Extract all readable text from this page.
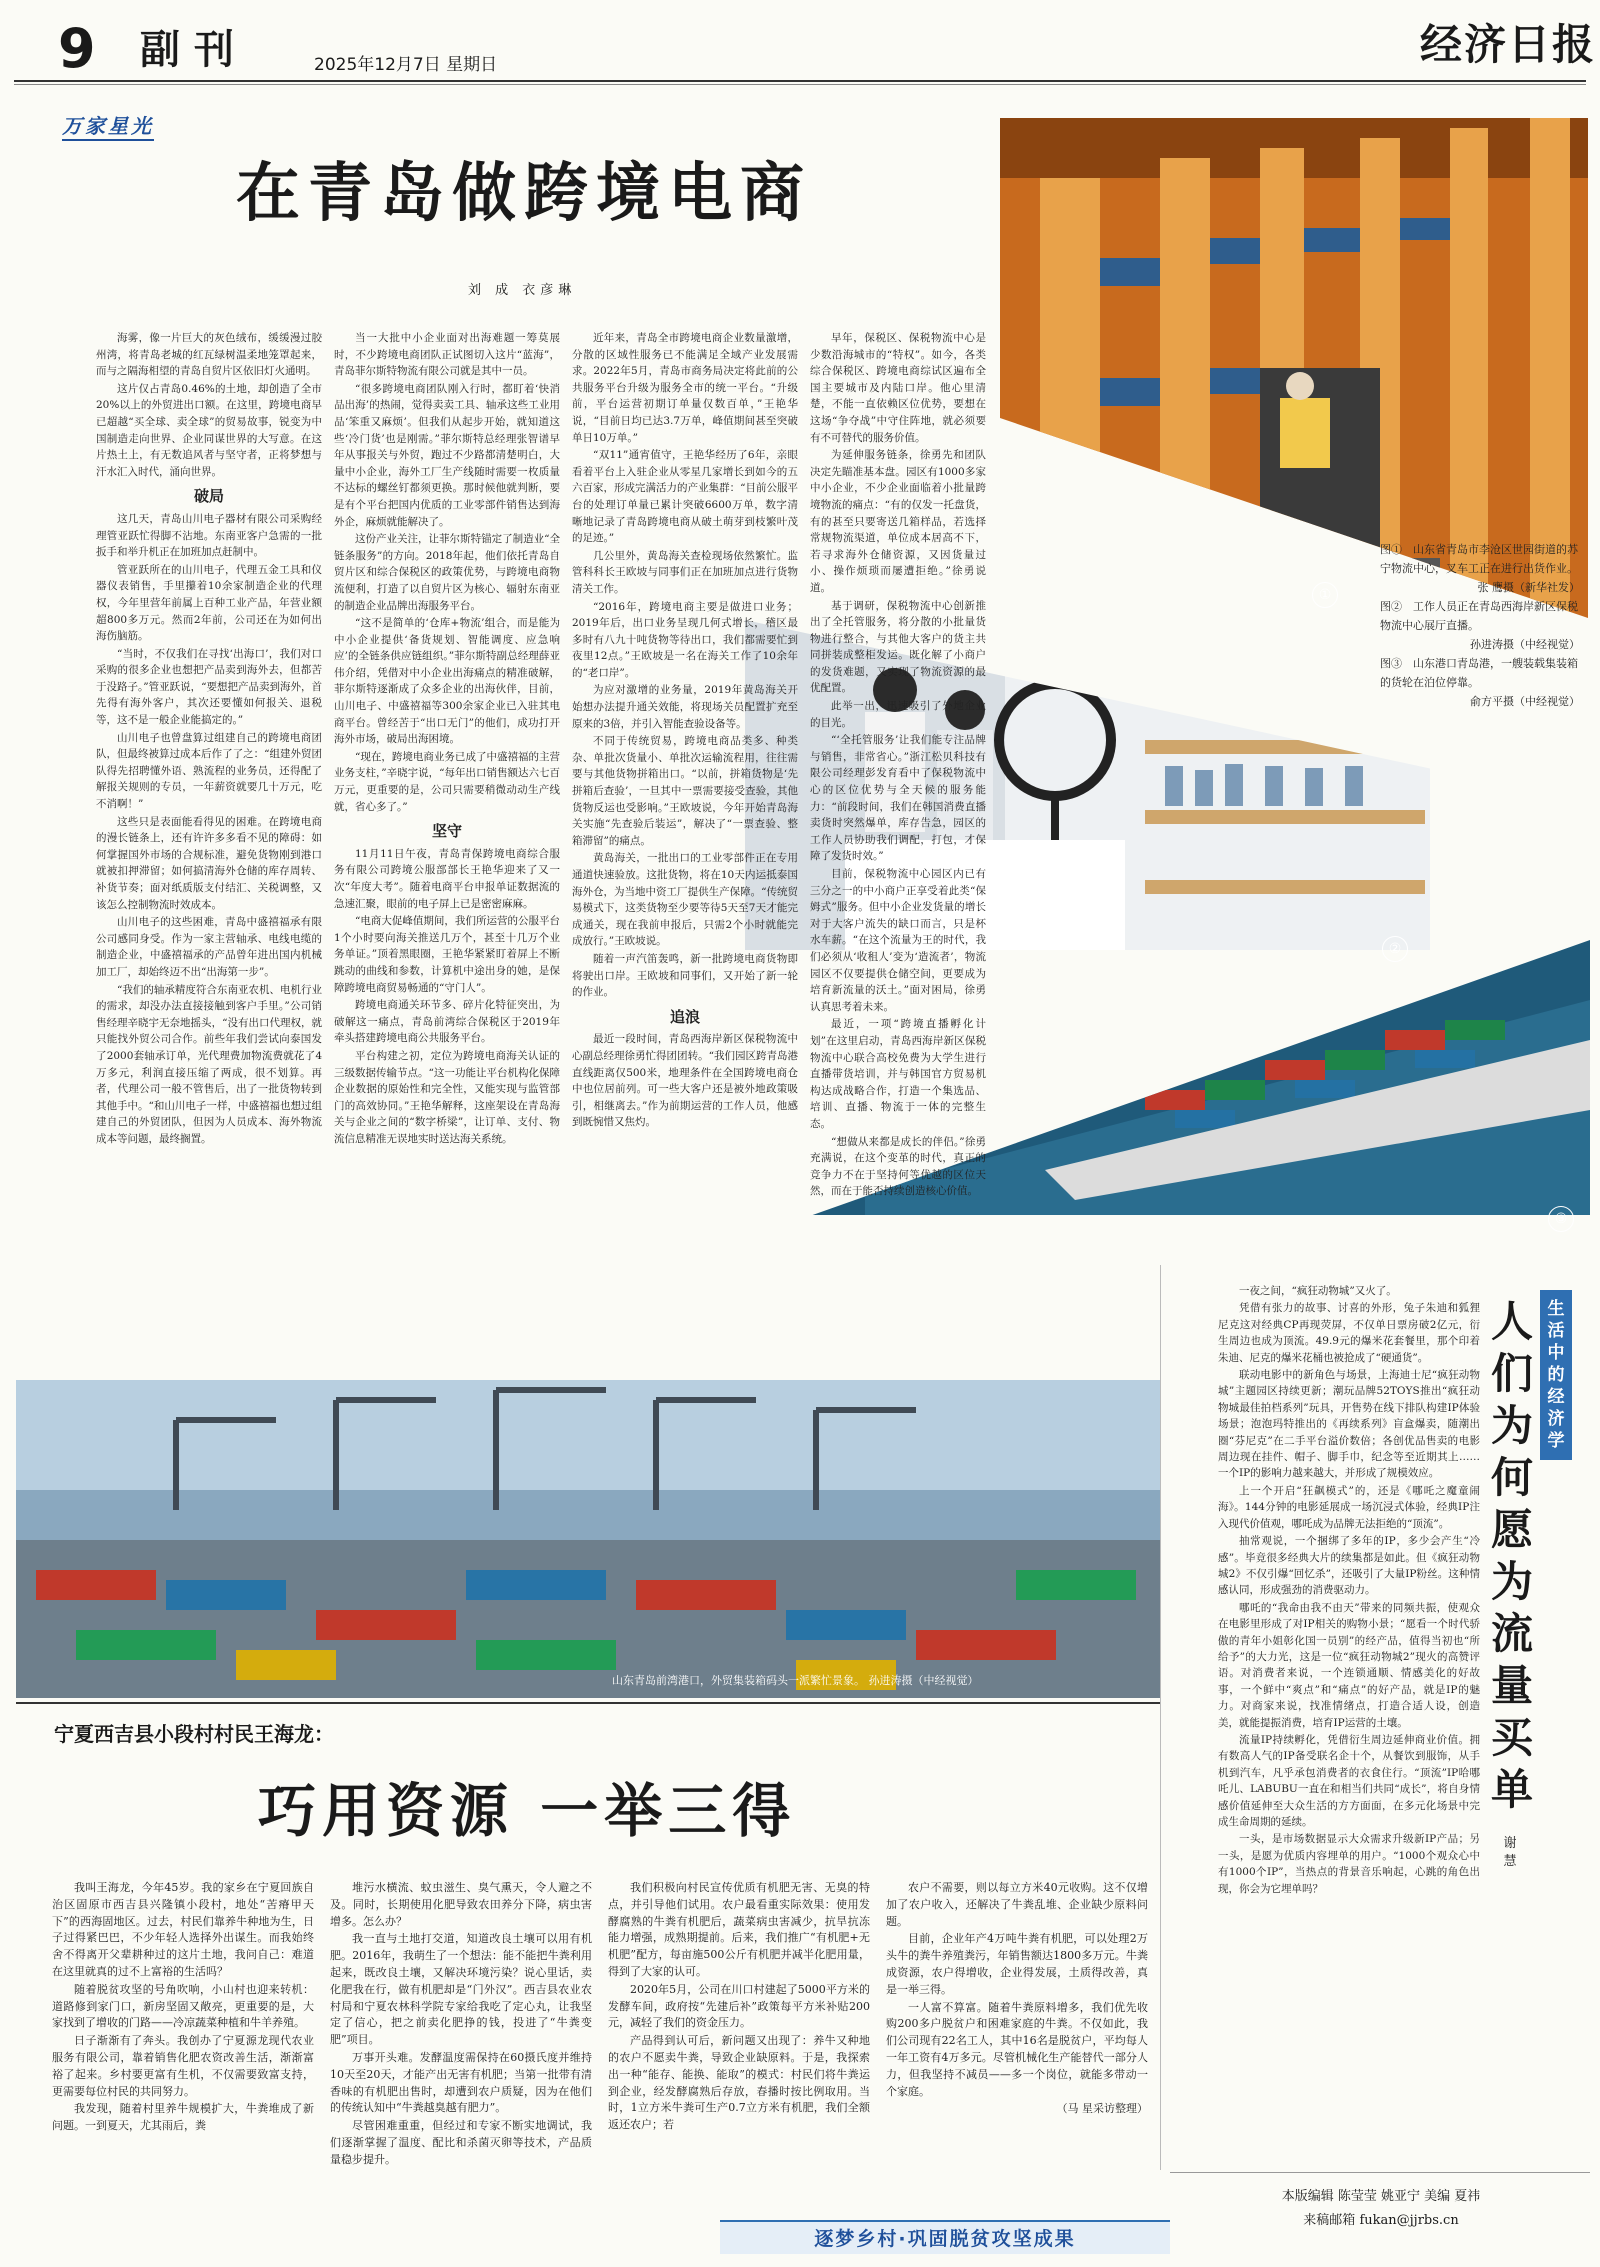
9 副刊	2025年12月7日 星期日	经济日报
万家星光
在青岛做跨境电商
刘 成 衣彦琳
①
②
③

海雾，像一片巨大的灰色绒布，缓缓漫过胶州湾，将青岛老城的红瓦绿树温柔地笼罩起来，而与之隔海相望的青岛自贸片区依旧灯火通明。

这片仅占青岛0.46%的土地，却创造了全市20%以上的外贸进出口额。在这里，跨境电商早已超越“买全球、卖全球”的贸易故事，锐变为中国制造走向世界、企业同谋世界的大写意。在这片热土上，有无数追风者与坚守者，正将梦想与汗水汇入时代，涌向世界。

破局

这几天，青岛山川电子器材有限公司采购经理管亚跃忙得脚不沾地。东南亚客户急需的一批扳手和举升机正在加班加点赶制中。

管亚跃所在的山川电子，代理五金工具和仪器仪表销售，手里攥着10余家制造企业的代理权，今年里营年前属上百种工业产品，年营业额超800多万元。然而2年前，公司还在为如何出海伤脑筋。

“当时，不仅我们在寻找‘出海口’，我们对口采购的很多企业也想把产品卖到海外去，但都苦于没路子。”管亚跃说，“要想把产品卖到海外，首先得有海外客户，其次还要懂如何报关、退税等，这不是一般企业能搞定的。”

山川电子也曾盘算过组建自己的跨境电商团队，但最终被算过成本后作了了之：“组建外贸团队得先招聘懂外语、熟流程的业务员，还得配了解报关规则的专员，一年薪资就要几十万元，吃不消啊！”

这些只是表面能看得见的困难。在跨境电商的漫长链条上，还有许许多多看不见的障碍：如何掌握国外市场的合规标准，避免货物刚到港口就被扣押滞留；如何搞清海外仓储的库存周转、补货节奏；面对纸质版支付结汇、关税调整，又该怎么控制物流时效成本。

山川电子的这些困难，青岛中盛禧福承有限公司感同身受。作为一家主营轴承、电线电缆的制造企业，中盛禧福承的产品曾年进出国内机械加工厂，却始终迈不出“出海第一步”。

“我们的轴承精度符合东南亚农机、电机行业的需求，却没办法直接接触到客户手里。”公司销售经理辛晓宇无奈地摇头，“没有出口代理权，就只能找外贸公司合作。前些年我们尝试向泰国发了2000套轴承订单，光代理费加物流费就花了4万多元，利润直接压缩了两成，很不划算。再者，代理公司一般不管售后，出了一批货物转到其他手中。“和山川电子一样，中盛禧福也想过组建自己的外贸团队，但因为人员成本、海外物流成本等问题，最终搁置。

当一大批中小企业面对出海难题一筹莫展时，不少跨境电商团队正试图切入这片“蓝海”，青岛菲尔斯特物流有限公司就是其中一员。

“很多跨境电商团队刚入行时，都盯着‘快消品出海’的热闹，觉得卖卖工具、轴承这些工业用品‘笨重又麻烦’。但我们从起步开始，就知道这些‘冷门货’也是刚需。”菲尔斯特总经理张智谱早年从事报关与外贸，跑过不少路都清楚明白，大量中小企业，海外工厂生产线随时需要一枚质量不达标的螺丝钉都须更换。那时候他就判断，要是有个平台把国内优质的工业零部件销售达到海外企，麻烦就能解决了。

这份产业关注，让菲尔斯特锚定了制造业“全链条服务”的方向。2018年起，他们依托青岛自贸片区和综合保税区的政策优势，与跨境电商物流便利，打造了以自贸片区为核心、辐射东南亚的制造企业品牌出海服务平台。

“这不是简单的‘仓库+物流’组合，而是能为中小企业提供‘备货规划、智能调度、应急响应’的全链条供应链组织。”菲尔斯特副总经理薛亚伟介绍，凭借对中小企业出海痛点的精准破解，菲尔斯特逐渐成了众多企业的出海伙伴，目前，山川电子、中盛禧福等300余家企业已入驻其电商平台。曾经苦于“出口无门”的他们，成功打开海外市场，破局出海困境。

“现在，跨境电商业务已成了中盛禧福的主营业务支柱，”辛晓宇说，“每年出口销售额达六七百万元，更重要的是，公司只需要稍微动动生产线就，省心多了。”

坚守

11月11日午夜，青岛青保跨境电商综合服务有限公司跨境公服部部长王艳华迎来了又一次“年度大考”。随着电商平台申报单证数据流的急速汇聚，眼前的电子屏上已是密密麻麻。

“电商大促峰值期间，我们所运营的公服平台1个小时要向海关推送几万个，甚至十几万个业务单证。”顶着黑眼圈，王艳华紧紧盯着屏上不断跳动的曲线和参数，计算机中途出身的她，是保障跨境电商贸易畅通的“守门人”。

跨境电商通关环节多、碎片化特征突出，为破解这一痛点，青岛前湾综合保税区于2019年牵头搭建跨境电商公共服务平台。

平台构建之初，定位为跨境电商海关认证的三级数据传输节点。“这一功能让平台机构化保障企业数据的原始性和完全性，又能实现与监管部门的高效协同。”王艳华解释，这座架设在青岛海关与企业之间的“数字桥梁”，让订单、支付、物流信息精准无误地实时送达海关系统。

近年来，青岛全市跨境电商企业数量激增，分散的区域性服务已不能满足全域产业发展需求。2022年5月，青岛市商务局决定将此前的公共服务平台升级为服务全市的统一平台。“升级前，平台运营初期订单量仅数百单，”王艳华说，“目前日均已达3.7万单，峰值期间甚至突破单日10万单。”

“双11”通宵值守，王艳华经历了6年，亲眼看着平台上入驻企业从零星几家增长到如今的五六百家，形成完满活力的产业集群：“目前公服平台的处理订单量已累计突破6600万单，数字清晰地记录了青岛跨境电商从破土萌芽到枝繁叶茂的足迹。”

几公里外，黄岛海关查检现场依然繁忙。监管科科长王欧坡与同事们正在加班加点进行货物清关工作。

“2016年，跨境电商主要是做进口业务；2019年后，出口业务呈现几何式增长，稽区最多时有八九十吨货物等待出口，我们都需要忙到夜里12点。”王欧坡是一名在海关工作了10余年的“老口岸”。

为应对激增的业务量，2019年黄岛海关开始想办法提升通关效能，将现场关员配置扩充至原来的3倍，并引入智能查验设备等。

不同于传统贸易，跨境电商品类多、种类杂、单批次货量小、单批次运输流程用，往往需要与其他货物拼箱出口。“以前，拼箱货物是‘先拼箱后查验’，一旦其中一票需要接受查验，其他货物反运也受影响。”王欧坡说，今年开始青岛海关实施“先查验后装运”，解决了“一票查验、整箱滞留”的痛点。

黄岛海关，一批出口的工业零部件正在专用通道快速验放。这批货物，将在10天内运抵泰国海外仓，为当地中资工厂提供生产保障。“传统贸易模式下，这类货物至少要等待5天至7天才能完成通关，现在我前申报后，只需2个小时就能完成放行。”王欧坡说。

随着一声汽笛轰鸣，新一批跨境电商货物即将驶出口岸。王欧坡和同事们，又开始了新一轮的作业。

追浪

最近一段时间，青岛西海岸新区保税物流中心副总经理徐勇忙得团团转。“我们园区跨青岛港直线距离仅500米，地理条件在全国跨境电商仓中也位居前列。可一些大客户还是被外地政策吸引，相继离去。”作为前期运营的工作人员，他感到既惋惜又焦灼。

早年，保税区、保税物流中心是少数沿海城市的“特权”。如今，各类综合保税区、跨境电商综试区遍布全国主要城市及内陆口岸。他心里清楚，不能一直依赖区位优势，要想在这场“争夺战”中守住阵地，就必须要有不可替代的服务价值。

为延伸服务链条，徐勇先和团队决定先瞄准基本盘。园区有1000多家中小企业，不少企业面临着小批量跨境物流的痛点：“有的仅发一托盘货，有的甚至只要寄送几箱样品，若选择常规物流渠道，单位成本居高不下，若寻求海外仓储资源，又因货量过小、操作烦琐而屡遭拒绝。”徐勇说道。

基于调研，保税物流中心创新推出了全托管服务，将分散的小批量货物进行整合，与其他大客户的货主共同拼装成整柜发运。既化解了小商户的发货难题，又实现了物流资源的最优配置。

此举一出，迅速吸引了外地企业的目光。

“‘全托管服务’让我们能专注品牌与销售，非常省心。”浙江松贝科技有限公司经理彭发育看中了保税物流中心的区位优势与全天候的服务能力：“前段时间，我们在韩国消费直播卖货时突然爆单，库存告急，园区的工作人员协助我们调配，打包，才保障了发货时效。”

目前，保税物流中心园区内已有三分之一的中小商户正享受着此类“保姆式”服务。但中小企业发货量的增长对于大客户流失的缺口而言，只是杯水车薪。“在这个流量为王的时代，我们必须从‘收租人’变为‘造流者’，物流园区不仅要提供仓储空间，更要成为培育新流量的沃土。”面对困局，徐勇认真思考着未来。

最近，一项“跨境直播孵化计划”在这里启动，青岛西海岸新区保税物流中心联合高校免费为大学生进行直播带货培训，并与韩国官方贸易机构达成战略合作，打造一个集选品、培训、直播、物流于一体的完整生态。

“想做从来都是成长的伴侣。”徐勇充满说，在这个变革的时代，真正的竞争力不在于坚持何等优越的区位天然，而在于能否持续创造核心价值。

图①　山东省青岛市李沧区世园街道的苏宁物流中心，叉车工正在进行出货作业。
张 鹰摄（新华社发）
图②　工作人员正在青岛西海岸新区保税物流中心展厅直播。
孙进涛摄（中经视觉）
图③　山东港口青岛港，一艘装载集装箱的货轮在泊位停靠。
俞方平摄（中经视觉）
山东青岛前湾港口，外贸集装箱码头一派繁忙景象。 孙进涛摄（中经视觉）
生活中的经济学
人们为何愿为流量买单
谢 慧

一夜之间，“疯狂动物城”又火了。

凭借有张力的故事、讨喜的外形，兔子朱迪和狐狸尼克这对经典CP再现荧屏，不仅单日票房破2亿元，衍生周边也成为顶流。49.9元的爆米花套餐里，那个印着朱迪、尼克的爆米花桶也被抢成了“硬通货”。

联动电影中的新角色与场景，上海迪士尼“疯狂动物城”主题园区持续更新；潮玩品牌52TOYS推出“疯狂动物城最佳拍档系列”玩具，开售势在线下排队构建IP体验场景；泡泡玛特推出的《再续系列》盲盒爆卖，随潮出圈“芬尼克”在二手平台溢价数倍；各创优品售卖的电影周边现在挂件、帽子、脚手巾，纪念等至近期其上……一个IP的影响力越来越大，并形成了规模效应。

上一个开启“狂飙模式”的，还是《哪吒之魔童闹海》。144分钟的电影延展成一场沉浸式体验，经典IP注入现代价值观，哪吒成为品牌无法拒绝的“顶流”。

抽常观说，一个捆绑了多年的IP，多少会产生“冷感”。毕竟很多经典大片的续集都是如此。但《疯狂动物城2》不仅引爆“回忆杀”，还吸引了大量IP粉丝。这种情感认同，形成强劲的消费驱动力。

哪吒的“我命由我不由天”带来的同频共振，使观众在电影里形成了对IP相关的购物小景；“愿看一个时代骄傲的青年小姐彰化国一员别”的经产品，值得当初也“所给予”的大力光，这是一位“疯狂动物城2”现火的高赞评语。对消费者来说，一个连锁通顺、情感美化的好故事，一个鲜中“爽点”和“痛点”的好产品，就是IP的魅力。对商家来说，找准情绪点，打造合适人设，创造美，就能提振消费，培育IP运营的土壤。

流量IP持续孵化，凭借衍生周边延伸商业价值。拥有数高人气的IP备受联名企十个，从餐饮到服饰，从手机到汽车，凡乎承包消费者的衣食住行。“顶流”IP哈哪吒儿、LABUBU一直在和相当们共同“成长”，将自身情感价值延伸至大众生活的方方面面，在多元化场景中完成生命周期的延续。

一头，是市场数据显示大众需求升级新IP产品；另一头，是愿为优质内容埋单的用户。“1000个观众心中有1000个IP”，当热点的背景音乐响起，心跳的角色出现，你会为它埋单吗？

宁夏西吉县小段村村民王海龙：
巧用资源 一举三得

我叫王海龙，今年45岁。我的家乡在宁夏回族自治区固原市西吉县兴隆镇小段村，地处“苦瘠甲天下”的西海固地区。过去，村民们靠养牛种地为生，日子过得紧巴巴，不少年轻人选择外出谋生。而我始终舍不得离开父辈耕种过的这片土地，我问自己：难道在这里就真的过不上富裕的生活吗？

随着脱贫攻坚的号角吹响，小山村也迎来转机：道路修到家门口，新房坚固又敞亮，更重要的是，大家找到了增收的门路——冷凉蔬菜种植和牛羊养殖。

日子渐渐有了奔头。我创办了宁夏源龙现代农业服务有限公司，靠着销售化肥农资改善生活，渐渐富裕了起来。乡村要更富有生机，不仅需要致富支持，更需要每位村民的共同努力。

我发现，随着村里养牛规模扩大，牛粪堆成了新问题。一到夏天，尤其雨后，粪

堆污水横流、蚊虫滋生、臭气熏天，令人避之不及。同时，长期使用化肥导致农田养分下降，病虫害增多。怎么办？

我一直与土地打交道，知道改良土壤可以用有机肥。2016年，我萌生了一个想法：能不能把牛粪利用起来，既改良土壤，又解决环境污染？说心里话，卖化肥我在行，做有机肥却是“门外汉”。西吉县农业农村局和宁夏农林科学院专家给我吃了定心丸，让我坚定了信心，把之前卖化肥挣的钱，投进了“牛粪变肥”项目。

万事开头难。发酵温度需保持在60摄氏度并维持10天至20天，才能产出无害有机肥；当第一批带有清香味的有机肥出售时，却遭到农户质疑，因为在他们的传统认知中“牛粪越臭越有肥力”。

尽管困难重重，但经过和专家不断实地调试，我们逐渐掌握了温度、配比和杀菌灭卵等技术，产品质量稳步提升。

我们积极向村民宣传优质有机肥无害、无臭的特点，并引导他们试用。农户最看重实际效果：使用发酵腐熟的牛粪有机肥后，蔬菜病虫害减少，抗旱抗冻能力增强，成熟期提前。后来，我们推广“有机肥+无机肥”配方，每亩施500公斤有机肥并减半化肥用量，得到了大家的认可。

2020年5月，公司在川口村建起了5000平方米的发酵车间，政府按“先建后补”政策每平方米补贴200元，减轻了我们的资金压力。

产品得到认可后，新问题又出现了：养牛又种地的农户不愿卖牛粪，导致企业缺原料。于是，我探索出一种“能存、能换、能取”的模式：村民们将牛粪运到企业，经发酵腐熟后存放，春播时按比例取用。当时，1立方米牛粪可生产0.7立方米有机肥，我们全额返还农户；若

农户不需要，则以每立方米40元收购。这不仅增加了农户收入，还解决了牛粪乱堆、企业缺少原料问题。

目前，企业年产4万吨牛粪有机肥，可以处理2万头牛的粪牛养殖粪污，年销售额达1800多万元。牛粪成资源，农户得增收，企业得发展，土质得改善，真是一举三得。

一人富不算富。随着牛粪原料增多，我们优先收购200多户脱贫户和困难家庭的牛粪。不仅如此，我们公司现有22名工人，其中16名是脱贫户，平均每人一年工资有4万多元。尽管机械化生产能替代一部分人力，但我坚持不减员——多一个岗位，就能多带动一个家庭。

（马 星采访整理）

逐梦乡村·巩固脱贫攻坚成果
本版编辑 陈莹莹 姚亚宁 美编 夏祎
来稿邮箱 fukan@jjrbs.cn
